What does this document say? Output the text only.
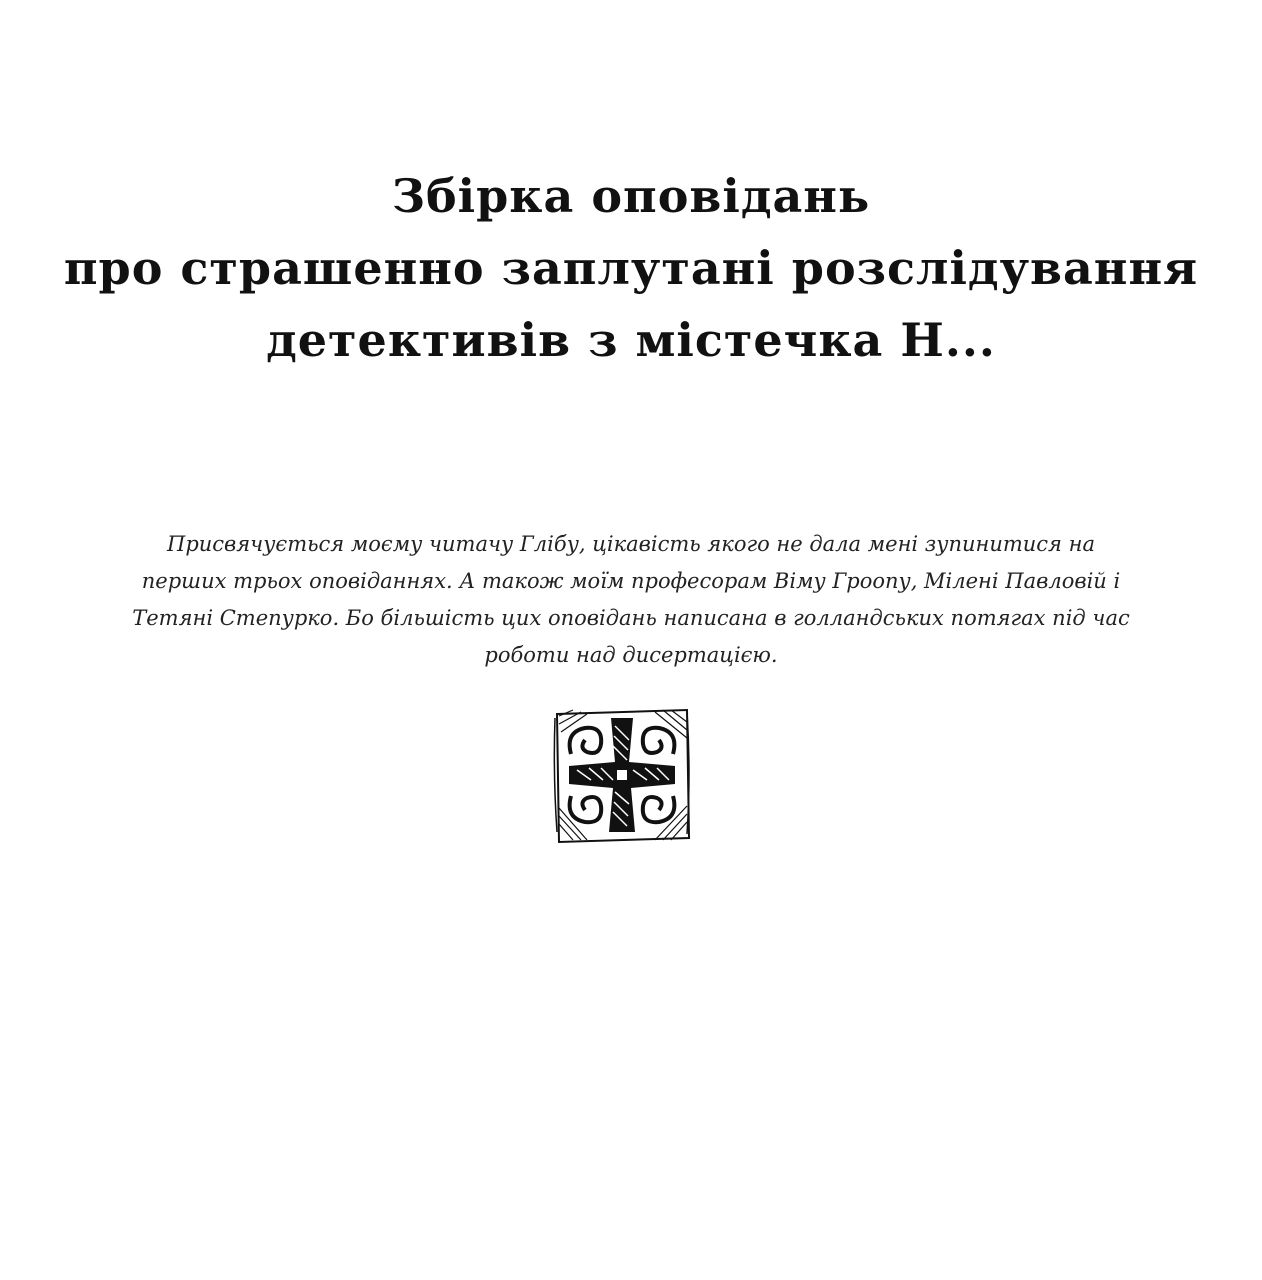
Збірка оповідань
про страшенно заплутані розслідування
детективів з містечка Н...

Присвячується моєму читачу Глібу, цікавість якого не дала мені зупинитися на перших трьох оповіданнях. А також моїм професорам Віму Гроопу, Мілені Павловій і Тетяні Степурко. Бо більшість цих оповідань написана в голландських потягах під час роботи над дисертацією.
